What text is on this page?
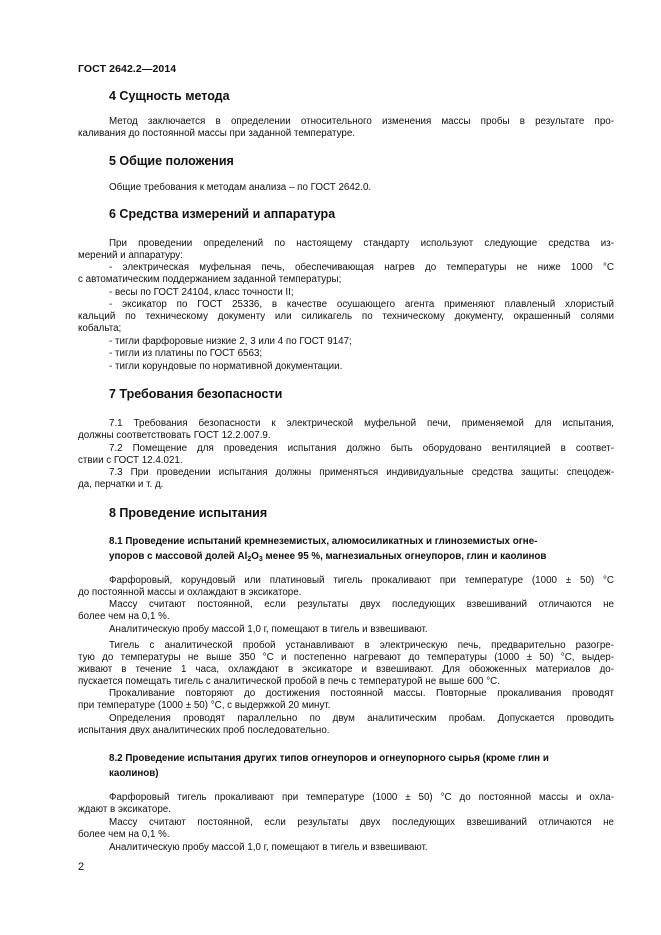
ГОСТ 2642.2—2014
4 Сущность метода
Метод заключается в определении относительного изменения массы пробы в результате про-
каливания до постоянной массы при заданной температуре.
5 Общие положения
Общие требования к методам анализа – по ГОСТ 2642.0.
6 Средства измерений и аппаратура
При проведении определений по настоящему стандарту используют следующие средства из-
мерений и аппаратуру:
- электрическая муфельная печь, обеспечивающая нагрев до температуры не ниже 1000 °С
с автоматическим поддержанием заданной температуры;
- весы по ГОСТ 24104, класс точности II;
- эксикатор по ГОСТ 25336, в качестве осушающего агента применяют плавленый хлористый
кальций по техническому документу или силикагель по техническому документу, окрашенный солями
кобальта;
- тигли фарфоровые низкие 2, 3 или 4 по ГОСТ 9147;
- тигли из платины по ГОСТ 6563;
- тигли корундовые по нормативной документации.
7 Требования безопасности
7.1 Требования безопасности к электрической муфельной печи, применяемой для испытания,
должны соответствовать ГОСТ 12.2.007.9.
7.2 Помещение для проведения испытания должно быть оборудовано вентиляцией в соответ-
ствии с ГОСТ 12.4.021.
7.3 При проведении испытания должны применяться индивидуальные средства защиты: спецодеж-
да, перчатки и т. д.
8 Проведение испытания
8.1 Проведение испытаний кремнеземистых, алюмосиликатных и глиноземистых огне-
упоров с массовой долей $Al_2O_3$ менее 95 %, магнезиальных огнеупоров, глин и каолинов
Фарфоровый, корундовый или платиновый тигель прокаливают при температуре (1000 ± 50) °С
до постоянной массы и охлаждают в эксикаторе.
Массу считают постоянной, если результаты двух последующих взвешиваний отличаются не
более чем на 0,1 %.
Аналитическую пробу массой 1,0 г, помещают в тигель и взвешивают.
Тигель с аналитической пробой устанавливают в электрическую печь, предварительно разогре-
тую до температуры не выше 350 °С и постепенно нагревают до температуры (1000 ± 50) °С, выдер-
живают в течение 1 часа, охлаждают в эксикаторе и взвешивают. Для обожженных материалов до-
пускается помещать тигель с аналитической пробой в печь с температурой не выше 600 °С.
Прокаливание повторяют до достижения постоянной массы. Повторные прокаливания проводят
при температуре (1000 ± 50) °С, с выдержкой 20 минут.
Определения проводят параллельно по двум аналитическим пробам. Допускается проводить
испытания двух аналитических проб последовательно.
8.2 Проведение испытания других типов огнеупоров и огнеупорного сырья (кроме глин и
каолинов)
Фарфоровый тигель прокаливают при температуре (1000 ± 50) °С до постоянной массы и охла-
ждают в эксикаторе.
Массу считают постоянной, если результаты двух последующих взвешиваний отличаются не
более чем на 0,1 %.
Аналитическую пробу массой 1,0 г, помещают в тигель и взвешивают.
2
